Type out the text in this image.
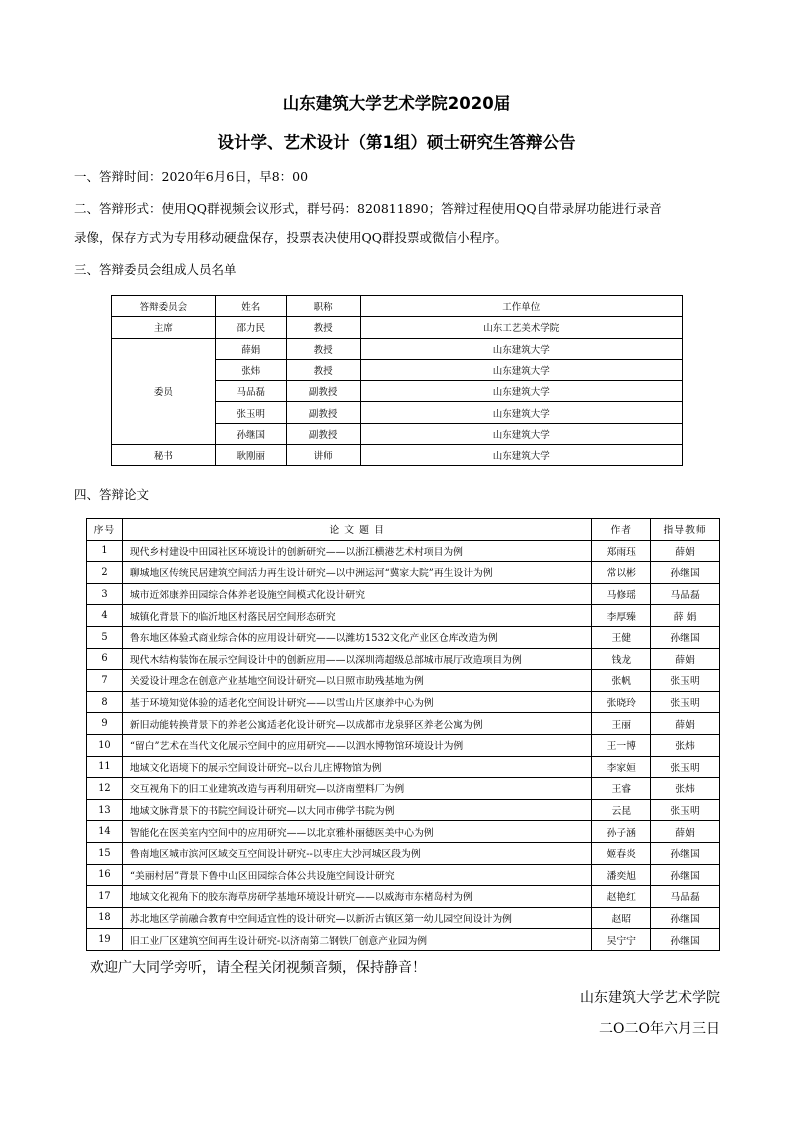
山东建筑大学艺术学院2020届
设计学、艺术设计（第1组）硕士研究生答辩公告
一、答辩时间：2020年6月6日，早8：00
二、答辩形式：使用QQ群视频会议形式，群号码：820811890；答辩过程使用QQ自带录屏功能进行录音
录像，保存方式为专用移动硬盘保存，投票表决使用QQ群投票或微信小程序。
三、答辩委员会组成人员名单
答辩委员会	姓名	职称	工作单位
主席	邵力民	教授	山东工艺美术学院
委员	薛娟	教授	山东建筑大学
	张炜	教授	山东建筑大学
	马品磊	副教授	山东建筑大学
	张玉明	副教授	山东建筑大学
	孙继国	副教授	山东建筑大学
秘书	耿刚丽	讲师	山东建筑大学
四、答辩论文
序号	论 文 题 目	作者	指导教师
1	现代乡村建设中田园社区环境设计的创新研究——以浙江横港艺术村项目为例	郑雨珏	薛娟
2	聊城地区传统民居建筑空间活力再生设计研究—以中洲运河“冀家大院”再生设计为例	常以彬	孙继国
3	城市近郊康养田园综合体养老设施空间模式化设计研究	马修瑶	马品磊
4	城镇化背景下的临沂地区村落民居空间形态研究	李厚臻	薛 娟
5	鲁东地区体验式商业综合体的应用设计研究——以潍坊1532文化产业区仓库改造为例	王健	孙继国
6	现代木结构装饰在展示空间设计中的创新应用——以深圳湾超级总部城市展厅改造项目为例	钱龙	薛娟
7	关爱设计理念在创意产业基地空间设计研究—以日照市助残基地为例	张帆	张玉明
8	基于环境知觉体验的适老化空间设计研究——以雪山片区康养中心为例	张晓玲	张玉明
9	新旧动能转换背景下的养老公寓适老化设计研究—以成都市龙泉驿区养老公寓为例	王丽	薛娟
10	“留白”艺术在当代文化展示空间中的应用研究——以泗水博物馆环境设计为例	王一博	张炜
11	地域文化语境下的展示空间设计研究--以台儿庄博物馆为例	李家姮	张玉明
12	交互视角下的旧工业建筑改造与再利用研究—以济南塑料厂为例	王睿	张炜
13	地域文脉背景下的书院空间设计研究—以大同市佛学书院为例	云昆	张玉明
14	智能化在医美室内空间中的应用研究——以北京雅朴丽德医美中心为例	孙子涵	薛娟
15	鲁南地区城市滨河区域交互空间设计研究--以枣庄大沙河城区段为例	姬春炎	孙继国
16	“美丽村居”背景下鲁中山区田园综合体公共设施空间设计研究	潘奕旭	孙继国
17	地域文化视角下的胶东海草房研学基地环境设计研究——以威海市东楮岛村为例	赵艳红	马品磊
18	苏北地区学前融合教育中空间适宜性的设计研究—以新沂古镇区第一幼儿园空间设计为例	赵昭	孙继国
19	旧工业厂区建筑空间再生设计研究-以济南第二钢铁厂创意产业园为例	吴宁宁	孙继国
欢迎广大同学旁听，请全程关闭视频音频，保持静音！
山东建筑大学艺术学院
二O二O年六月三日
